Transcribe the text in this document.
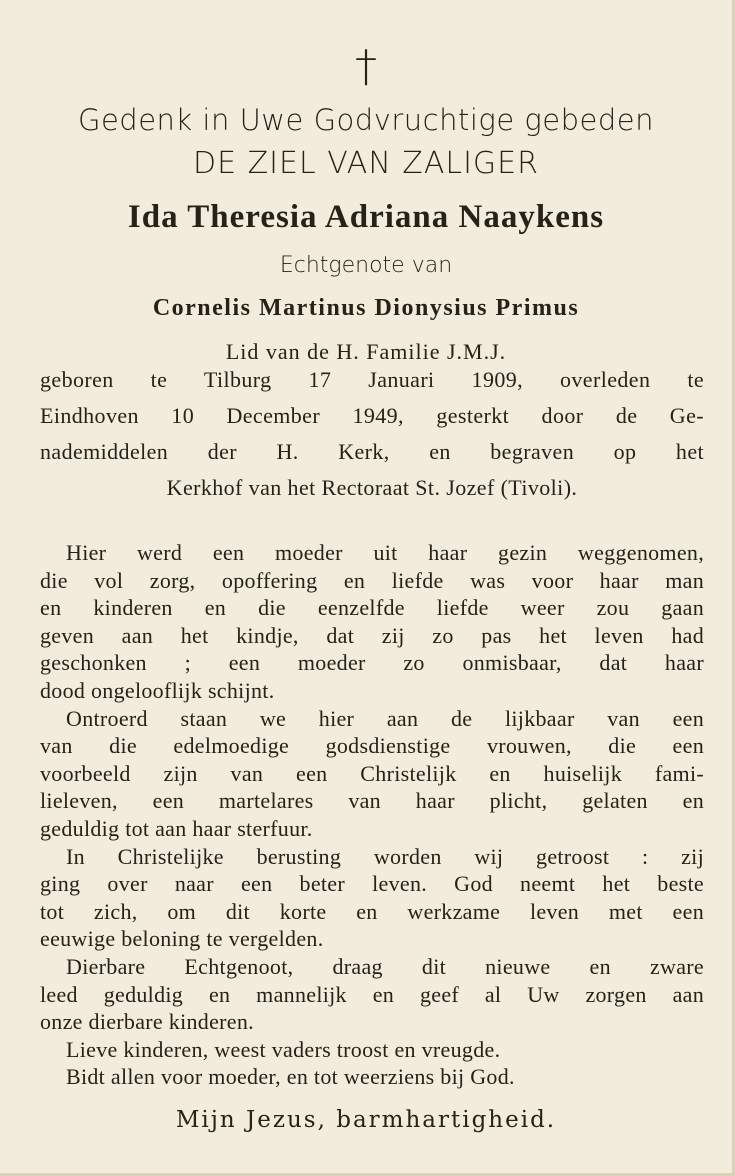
†
Gedenk in Uwe Godvruchtige gebeden
DE ZIEL VAN ZALIGER
Ida Theresia Adriana Naaykens
Echtgenote van
Cornelis Martinus Dionysius Primus
Lid van de H. Familie J.M.J.
geboren te Tilburg 17 Januari 1909, overleden te
Eindhoven 10 December 1949, gesterkt door de Ge-
nademiddelen der H. Kerk, en begraven op het
Kerkhof van het Rectoraat St. Jozef (Tivoli).
Hier werd een moeder uit haar gezin weggenomen,
die vol zorg, opoffering en liefde was voor haar man
en kinderen en die eenzelfde liefde weer zou gaan
geven aan het kindje, dat zij zo pas het leven had
geschonken ; een moeder zo onmisbaar, dat haar
dood ongelooflijk schijnt.
Ontroerd staan we hier aan de lijkbaar van een
van die edelmoedige godsdienstige vrouwen, die een
voorbeeld zijn van een Christelijk en huiselijk fami-
lieleven, een martelares van haar plicht, gelaten en
geduldig tot aan haar sterfuur.
In Christelijke berusting worden wij getroost : zij
ging over naar een beter leven. God neemt het beste
tot zich, om dit korte en werkzame leven met een
eeuwige beloning te vergelden.
Dierbare Echtgenoot, draag dit nieuwe en zware
leed geduldig en mannelijk en geef al Uw zorgen aan
onze dierbare kinderen.
Lieve kinderen, weest vaders troost en vreugde.
Bidt allen voor moeder, en tot weerziens bij God.
Mijn Jezus, barmhartigheid.
